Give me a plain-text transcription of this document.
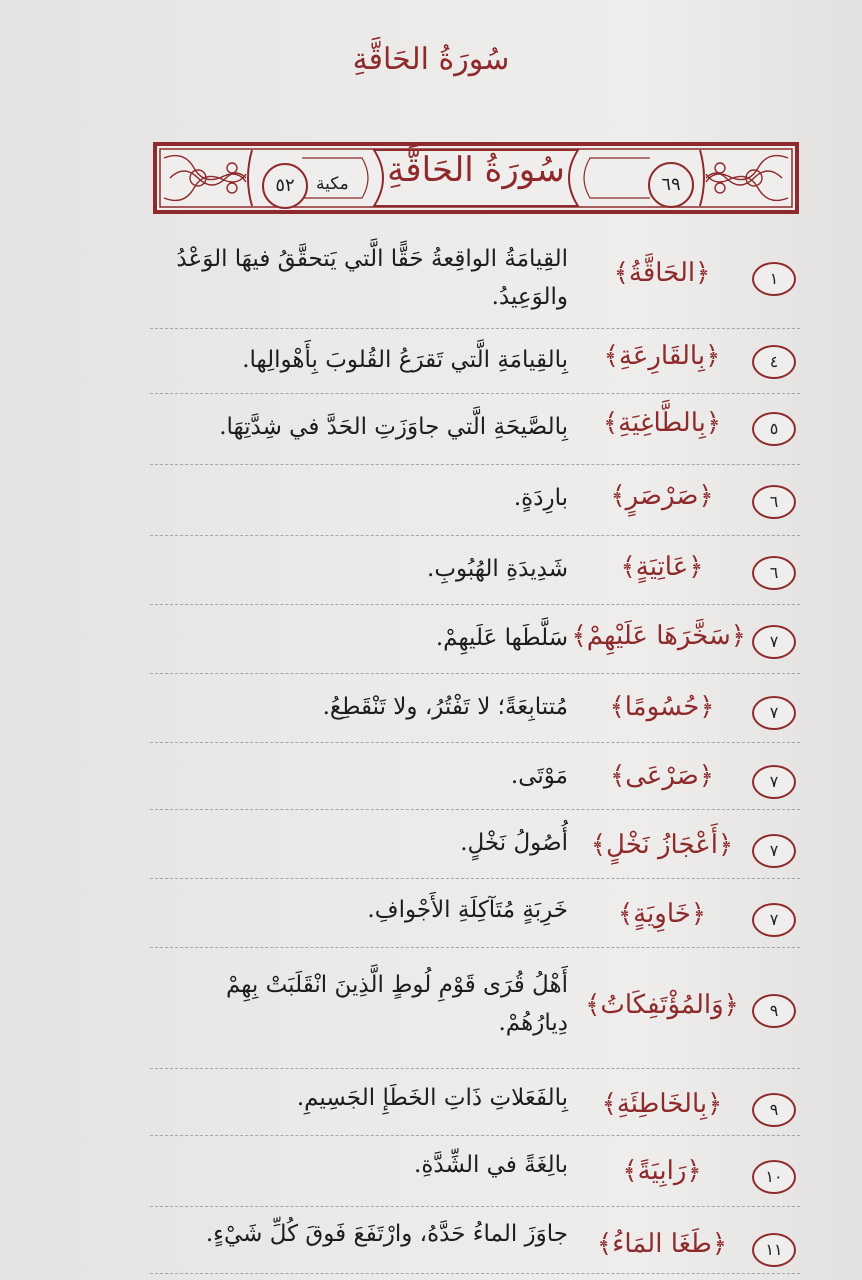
سُورَةُ الحَاقَّةِ
سُورَةُ الحَاقَّةِ
٥٢	مكية	٦٩
١
﴿الحَاقَّةُ﴾
القِيامَةُ الواقِعةُ حَقًّا الَّتي يَتحقَّقُ فيهَا الوَعْدُ والوَعِيدُ.
٤
﴿بِالقَارِعَةِ﴾
بِالقِيامَةِ الَّتي تَقرَعُ القُلوبَ بِأَهْوالِها.
٥
﴿بِالطَّاغِيَةِ﴾
بِالصَّيحَةِ الَّتي جاوَزَتِ الحَدَّ في شِدَّتِهَا.
٦
﴿صَرْصَرٍ﴾
بارِدَةٍ.
٦
﴿عَاتِيَةٍ﴾
شَدِيدَةِ الهُبُوبِ.
٧
﴿سَخَّرَهَا عَلَيْهِمْ﴾
سَلَّطَها عَلَيهِمْ.
٧
﴿حُسُومًا﴾
مُتتابِعَةً؛ لا تَفْتُرُ، ولا تَنْقَطِعُ.
٧
﴿صَرْعَى﴾
مَوْتَى.
٧
﴿أَعْجَازُ نَخْلٍ﴾
أُصُولُ نَخْلٍ.
٧
﴿خَاوِيَةٍ﴾
خَرِبَةٍ مُتَآكِلَةِ الأَجْوافِ.
٩
﴿وَالمُؤْتَفِكَاتُ﴾
أَهْلُ قُرَى قَوْمِ لُوطٍ الَّذِينَ انْقَلَبَتْ بِهِمْ دِيارُهُمْ.
٩
﴿بِالخَاطِئَةِ﴾
بِالفَعَلاتِ ذَاتِ الخَطَإِ الجَسِيمِ.
١٠
﴿رَابِيَةً﴾
بالِغَةً في الشِّدَّةِ.
١١
﴿طَغَا المَاءُ﴾
جاوَزَ الماءُ حَدَّهُ، وارْتَفَعَ فَوقَ كُلِّ شَيْءٍ.
